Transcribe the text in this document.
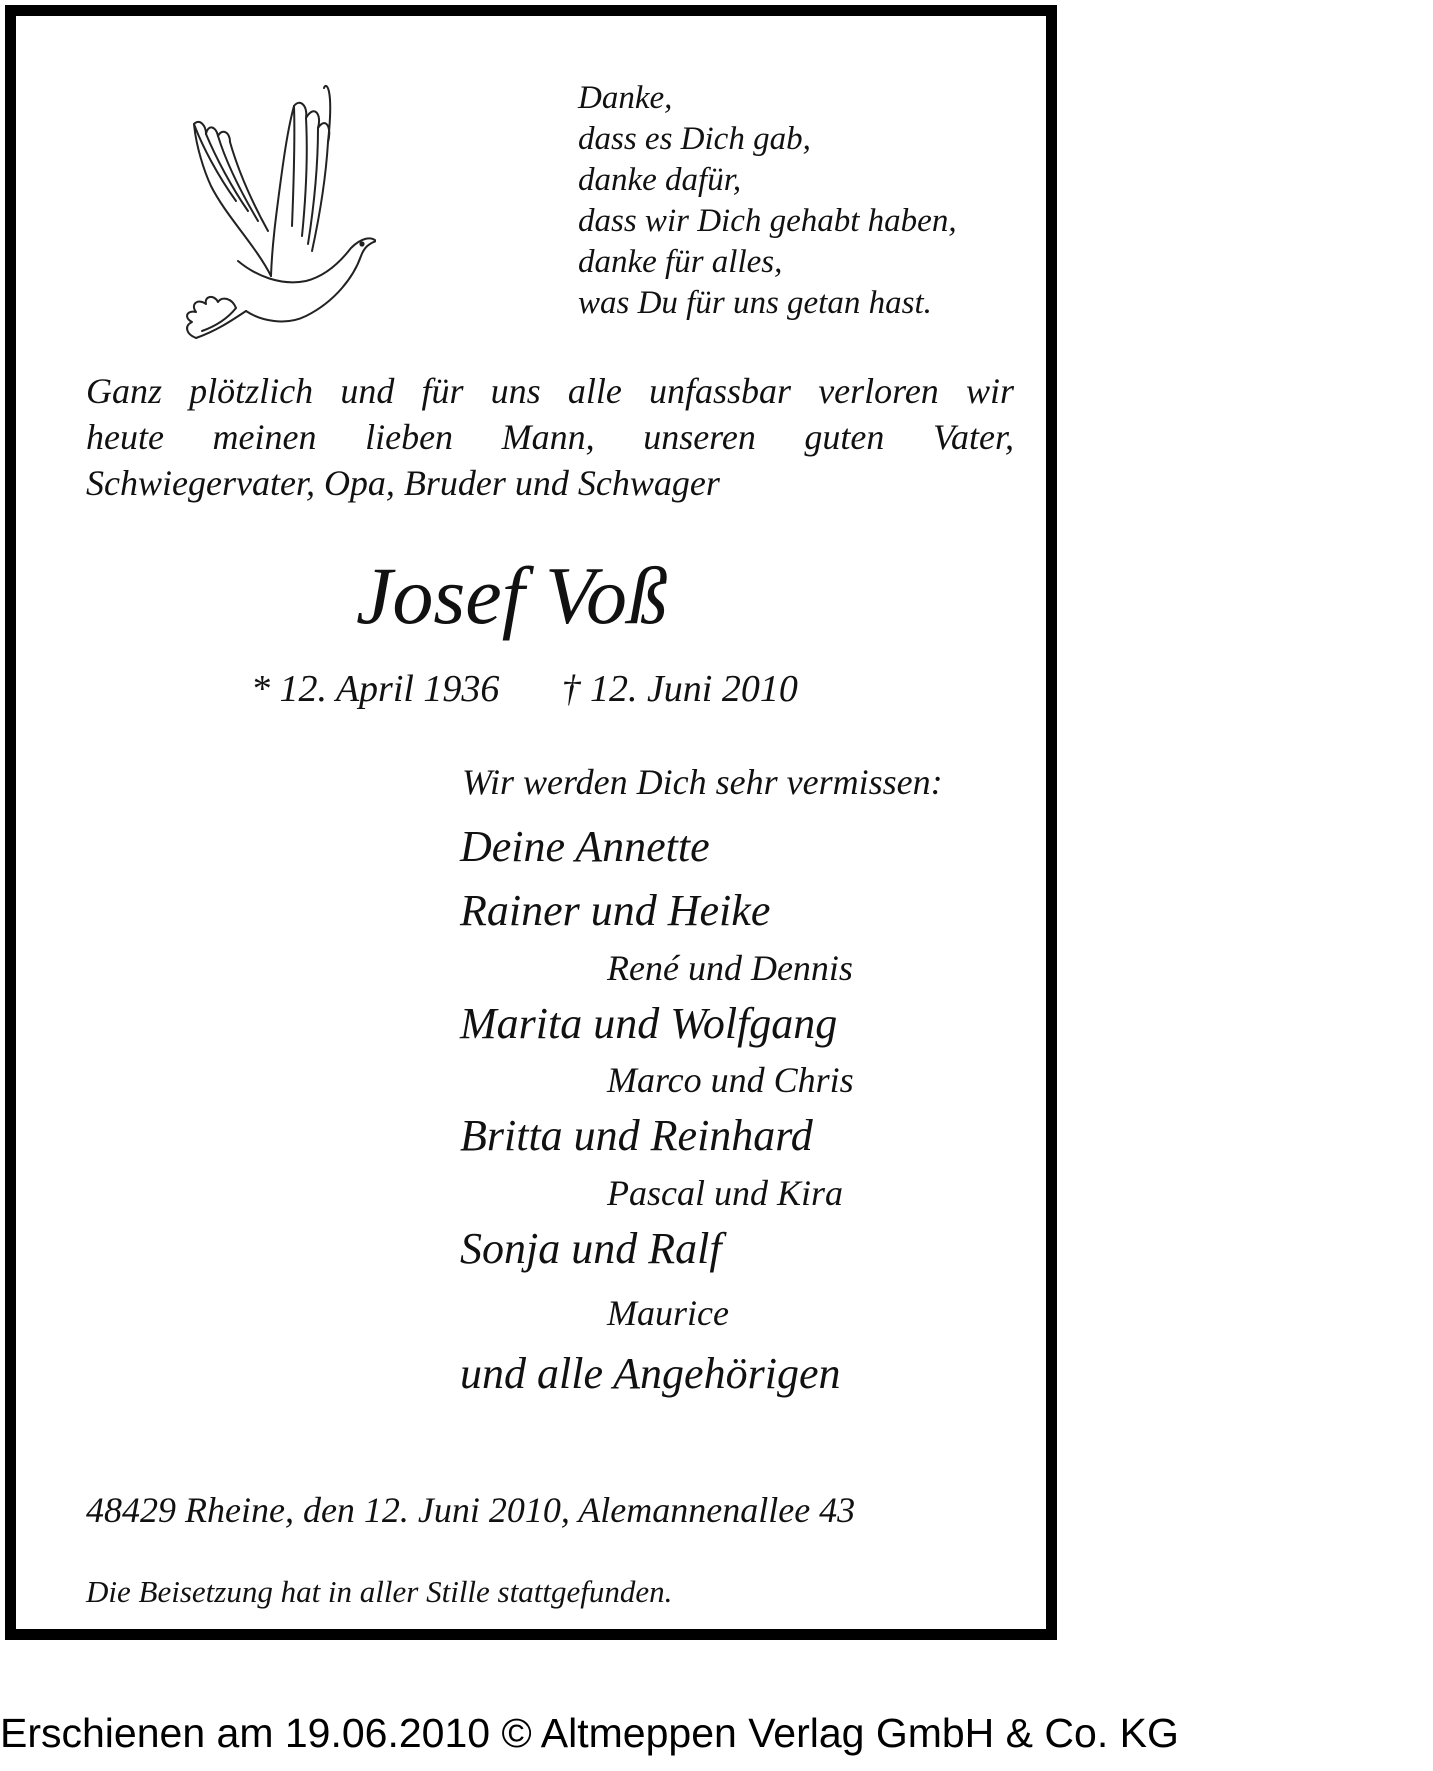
Danke,
dass es Dich gab,
danke dafür,
dass wir Dich gehabt haben,
danke für alles,
was Du für uns getan hast.
Ganz plötzlich und für uns alle unfassbar verloren wir
heute meinen lieben Mann, unseren guten Vater,
Schwiegervater, Opa, Bruder und Schwager
Josef Voß
* 12. April 1936 † 12. Juni 2010
Wir werden Dich sehr vermissen:
Deine Annette
Rainer und Heike
René und Dennis
Marita und Wolfgang
Marco und Chris
Britta und Reinhard
Pascal und Kira
Sonja und Ralf
Maurice
und alle Angehörigen
48429 Rheine, den 12. Juni 2010, Alemannenallee 43
Die Beisetzung hat in aller Stille stattgefunden.
Erschienen am 19.06.2010 © Altmeppen Verlag GmbH & Co. KG
